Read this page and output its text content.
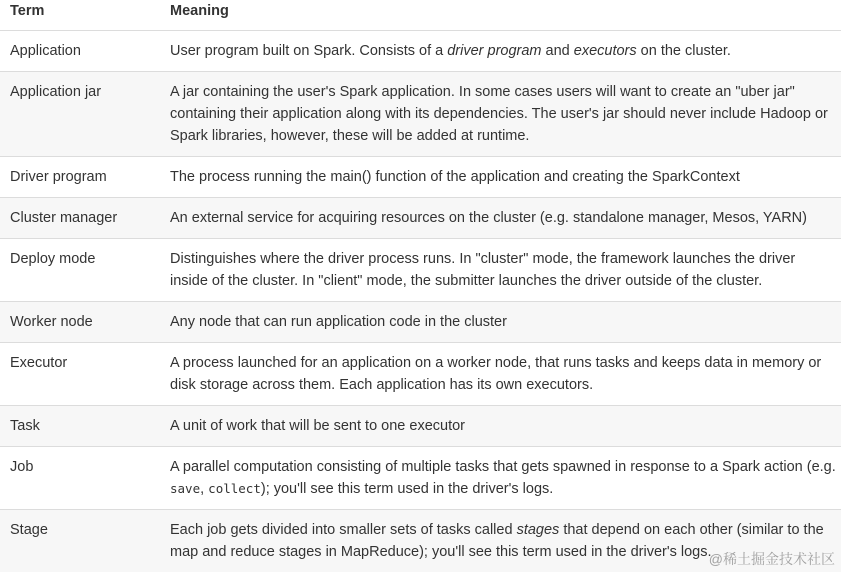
Term	Meaning
Application	User program built on Spark. Consists of a driver program and executors on the cluster.
Application jar	A jar containing the user's Spark application. In some cases users will want to create an "uber jar" containing their application along with its dependencies. The user's jar should never include Hadoop or Spark libraries, however, these will be added at runtime.
Driver program	The process running the main() function of the application and creating the SparkContext
Cluster manager	An external service for acquiring resources on the cluster (e.g. standalone manager, Mesos, YARN)
Deploy mode	Distinguishes where the driver process runs. In "cluster" mode, the framework launches the driver inside of the cluster. In "client" mode, the submitter launches the driver outside of the cluster.
Worker node	Any node that can run application code in the cluster
Executor	A process launched for an application on a worker node, that runs tasks and keeps data in memory or disk storage across them. Each application has its own executors.
Task	A unit of work that will be sent to one executor
Job	A parallel computation consisting of multiple tasks that gets spawned in response to a Spark action (e.g. save, collect); you'll see this term used in the driver's logs.
Stage	Each job gets divided into smaller sets of tasks called stages that depend on each other (similar to the map and reduce stages in MapReduce); you'll see this term used in the driver's logs.
@稀土掘金技术社区
